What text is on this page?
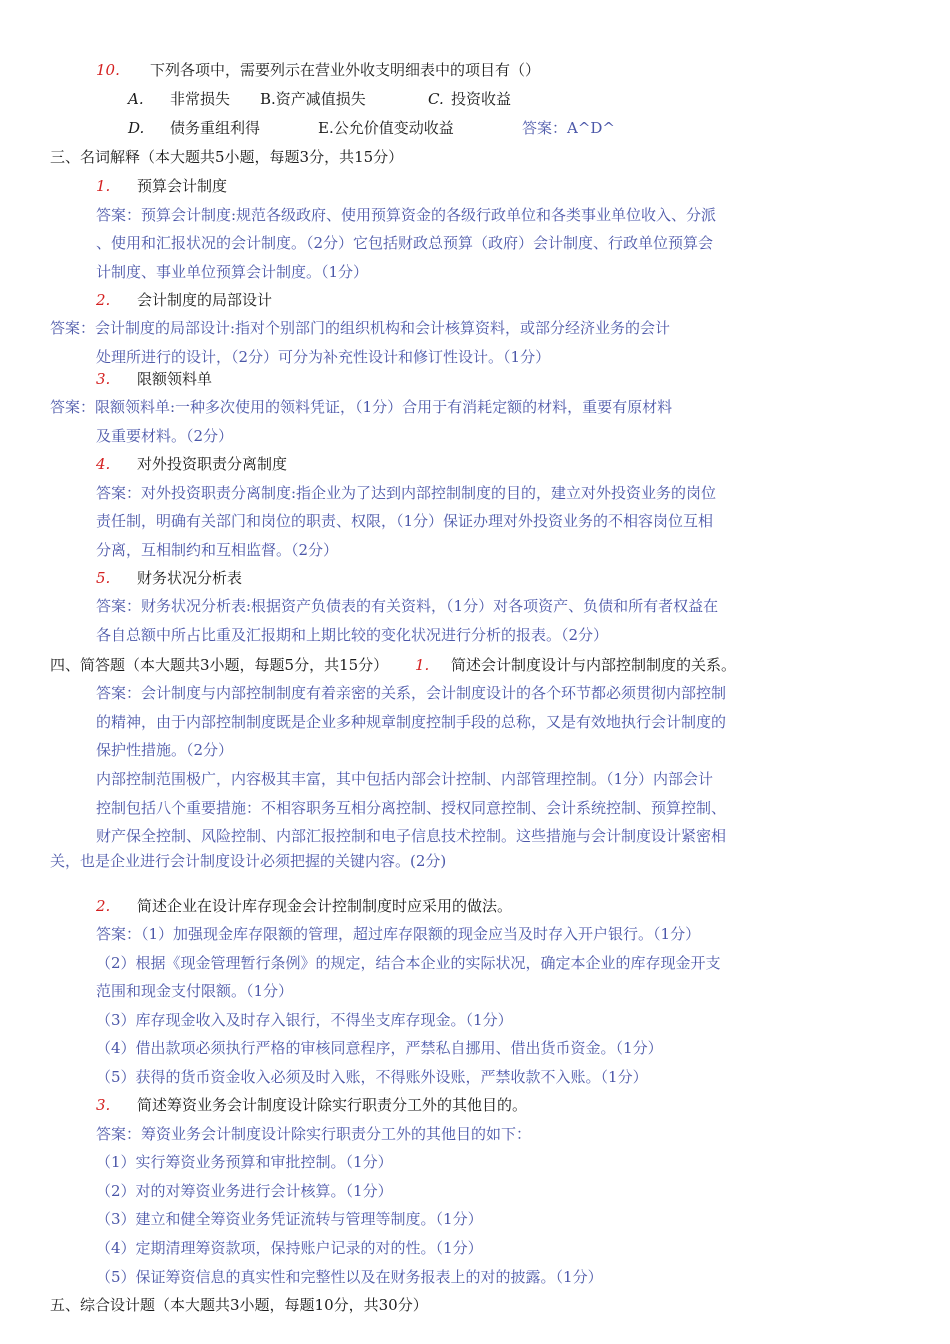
10. 下列各项中，需要列示在营业外收支明细表中的项目有（）
A. 非常损失 B.资产减值损失	C. 投资收益
D. 债务重组利得	E.公允价值变动收益	答案：A^D^
三、名词解释（本大题共5小题，每题3分，共15分）
1. 预算会计制度
答案：预算会计制度:规范各级政府、使用预算资金的各级行政单位和各类事业单位收入、分派
、使用和汇报状况的会计制度。（2分）它包括财政总预算（政府）会计制度、行政单位预算会
计制度、事业单位预算会计制度。（1分）
2. 会计制度的局部设计
答案：会计制度的局部设计:指对个别部门的组织机构和会计核算资料，或部分经济业务的会计
处理所进行的设计，（2分）可分为补充性设计和修订性设计。（1分）
3. 限额领料单
答案：限额领料单:一种多次使用的领料凭证，（1分）合用于有消耗定额的材料，重要有原材料
及重要材料。（2分）
4. 对外投资职责分离制度
答案：对外投资职责分离制度:指企业为了达到内部控制制度的目的，建立对外投资业务的岗位
责任制，明确有关部门和岗位的职责、权限，（1分）保证办理对外投资业务的不相容岗位互相
分离，互相制约和互相监督。（2分）
5. 财务状况分析表
答案：财务状况分析表:根据资产负债表的有关资料，（1分）对各项资产、负债和所有者权益在
各自总额中所占比重及汇报期和上期比较的变化状况进行分析的报表。（2分）
四、简答题（本大题共3小题，每题5分，共15分） 1. 简述会计制度设计与内部控制制度的关系。
答案：会计制度与内部控制制度有着亲密的关系，会计制度设计的各个环节都必须贯彻内部控制
的精神，由于内部控制制度既是企业多种规章制度控制手段的总称，又是有效地执行会计制度的
保护性措施。（2分）
内部控制范围极广，内容极其丰富，其中包括内部会计控制、内部管理控制。（1分）内部会计
控制包括八个重要措施：不相容职务互相分离控制、授权同意控制、会计系统控制、预算控制、
财产保全控制、风险控制、内部汇报控制和电子信息技术控制。这些措施与会计制度设计紧密相
关，也是企业进行会计制度设计必须把握的关键内容。(2分)
2. 简述企业在设计库存现金会计控制制度时应采用的做法。
答案：（1）加强现金库存限额的管理，超过库存限额的现金应当及时存入开户银行。（1分）
（2）根据《现金管理暂行条例》的规定，结合本企业的实际状况，确定本企业的库存现金开支
范围和现金支付限额。（1分）
（3）库存现金收入及时存入银行，不得坐支库存现金。（1分）
（4）借出款项必须执行严格的审核同意程序，严禁私自挪用、借出货币资金。（1分）
（5）获得的货币资金收入必须及时入账，不得账外设账，严禁收款不入账。（1分）
3. 简述筹资业务会计制度设计除实行职责分工外的其他目的。
答案：筹资业务会计制度设计除实行职责分工外的其他目的如下：
（1）实行筹资业务预算和审批控制。（1分）
（2）对的对筹资业务进行会计核算。（1分）
（3）建立和健全筹资业务凭证流转与管理等制度。（1分）
（4）定期清理筹资款项，保持账户记录的对的性。（1分）
（5）保证筹资信息的真实性和完整性以及在财务报表上的对的披露。（1分）
五、综合设计题（本大题共3小题，每题10分，共30分）
